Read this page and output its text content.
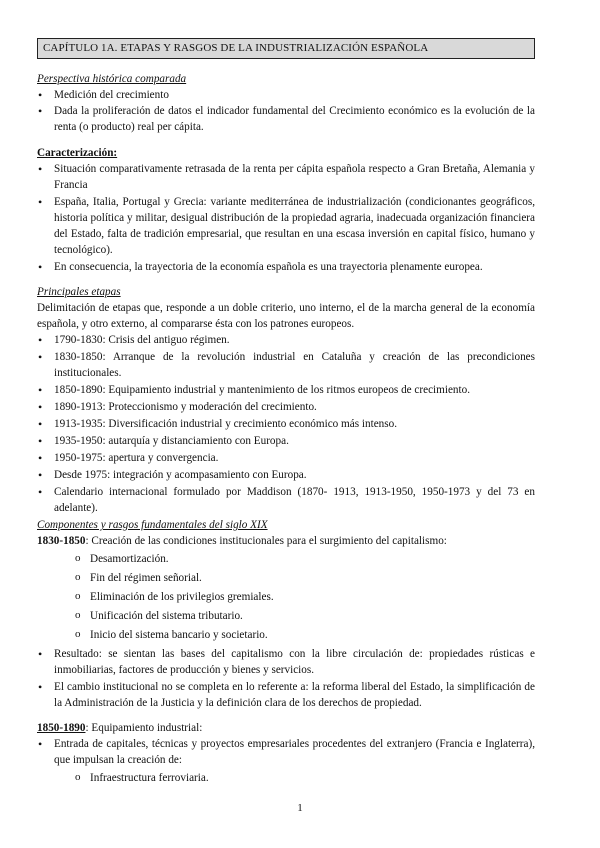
CAPÍTULO 1A. ETAPAS Y RASGOS DE LA INDUSTRIALIZACIÓN ESPAÑOLA
Perspectiva histórica comparada
• Medición del crecimiento
• Dada la proliferación de datos el indicador fundamental del Crecimiento económico es la evolución de la renta (o producto) real per cápita.
Caracterización:
• Situación comparativamente retrasada de la renta per cápita española respecto a Gran Bretaña, Alemania y Francia
• España, Italia, Portugal y Grecia: variante mediterránea de industrialización (condicionantes geográficos, historia política y militar, desigual distribución de la propiedad agraria, inadecuada organización financiera del Estado, falta de tradición empresarial, que resultan en una escasa inversión en capital físico, humano y tecnológico).
• En consecuencia, la trayectoria de la economía española es una trayectoria plenamente europea.
Principales etapas

Delimitación de etapas que, responde a un doble criterio, uno interno, el de la marcha general de la economía española, y otro externo, al compararse ésta con los patrones europeos.

• 1790-1830: Crisis del antiguo régimen.
• 1830-1850: Arranque de la revolución industrial en Cataluña y creación de las precondiciones institucionales.
• 1850-1890: Equipamiento industrial y mantenimiento de los ritmos europeos de crecimiento.
• 1890-1913: Proteccionismo y moderación del crecimiento.
• 1913-1935: Diversificación industrial y crecimiento económico más intenso.
• 1935-1950: autarquía y distanciamiento con Europa.
• 1950-1975: apertura y convergencia.
• Desde 1975: integración y acompasamiento con Europa.
• Calendario internacional formulado por Maddison (1870- 1913, 1913-1950, 1950-1973 y del 73 en adelante).
Componentes y rasgos fundamentales del siglo XIX

1830-1850: Creación de las condiciones institucionales para el surgimiento del capitalismo:

o Desamortización.
o Fin del régimen señorial.
o Eliminación de los privilegios gremiales.
o Unificación del sistema tributario.
o Inicio del sistema bancario y societario.
• Resultado: se sientan las bases del capitalismo con la libre circulación de: propiedades rústicas e inmobiliarias, factores de producción y bienes y servicios.
• El cambio institucional no se completa en lo referente a: la reforma liberal del Estado, la simplificación de la Administración de la Justicia y la definición clara de los derechos de propiedad.

1850-1890: Equipamiento industrial:

• Entrada de capitales, técnicas y proyectos empresariales procedentes del extranjero (Francia e Inglaterra), que impulsan la creación de:
o Infraestructura ferroviaria.
1
